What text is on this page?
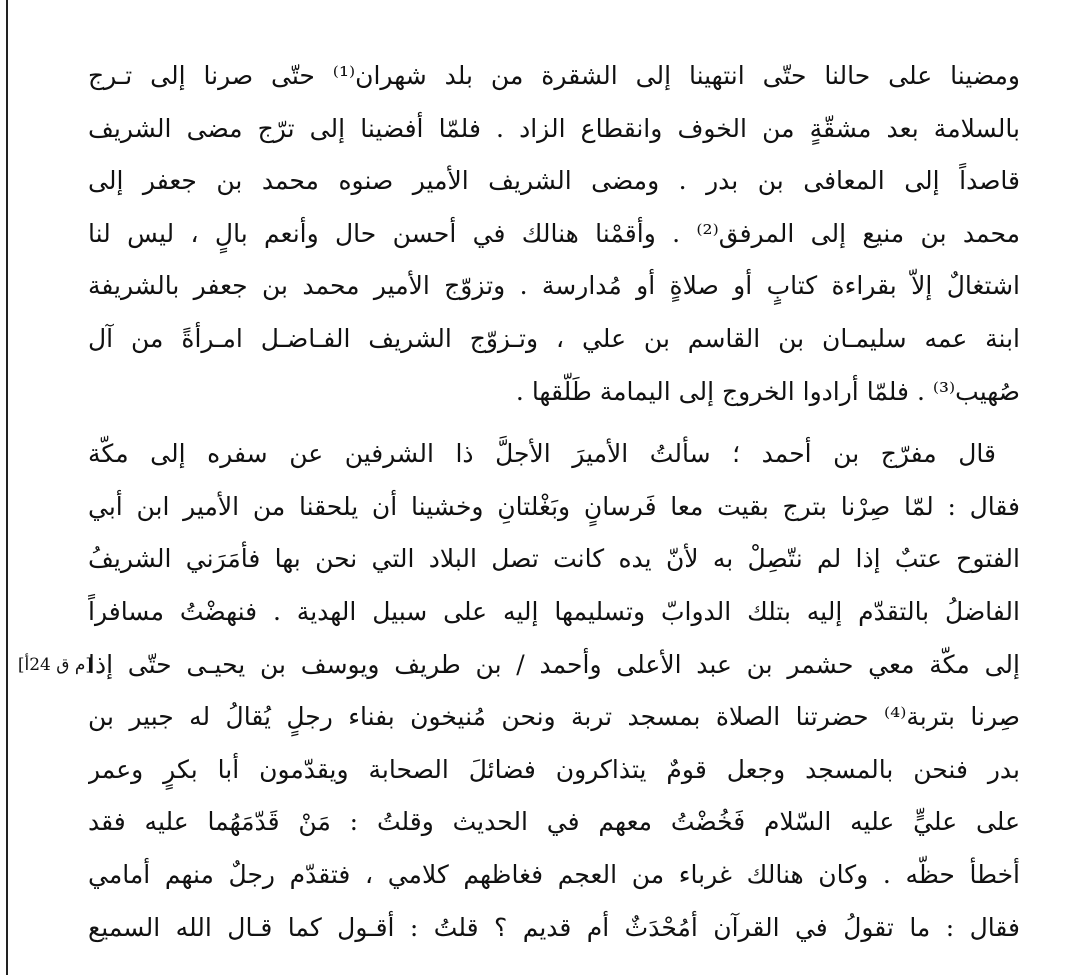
[م ق 24أ]
ومضينا على حالنا حتّى انتهينا إلى الشقرة من بلد شهران⁽¹⁾ حتّى صرنا إلى تـرج
بالسلامة بعد مشقّةٍ من الخوف وانقطاع الزاد . فلمّا أفضينا إلى ترّج مضى الشريف
قاصداً إلى المعافى بن بدر . ومضى الشريف الأمير صنوه محمد بن جعفر إلى
محمد بن منيع إلى المرفق⁽²⁾ . وأقمْنا هنالك في أحسن حال وأنعم بالٍ ، ليس لنا
اشتغالٌ إلاّ بقراءة كتابٍ أو صلاةٍ أو مُدارسة . وتزوّج الأمير محمد بن جعفر بالشريفة
ابنة عمه سليمـان بن القاسم بن علي ، وتـزوّج الشريف الفـاضـل امـرأةً من آل
صُهيب⁽³⁾ . فلمّا أرادوا الخروج إلى اليمامة طَلّقها .
قال مفرّج بن أحمد ؛ سألتُ الأميرَ الأجلَّ ذا الشرفين عن سفره إلى مكّة
فقال : لمّا صِرْنا بترج بقيت معا فَرسانٍ وبَغْلتانِ وخشينا أن يلحقنا من الأمير ابن أبي
الفتوح عتبٌ إذا لم نتّصِلْ به لأنّ يده كانت تصل البلاد التي نحن بها فأمَرَني الشريفُ
الفاضلُ بالتقدّم إليه بتلك الدوابّ وتسليمها إليه على سبيل الهدية . فنهضْتُ مسافراً
إلى مكّة معي حشمر بن عبد الأعلى وأحمد / بن طريف ويوسف بن يحيـى حتّى إذا
صِرنا بتربة⁽⁴⁾ حضرتنا الصلاة بمسجد تربة ونحن مُنيخون بفناء رجلٍ يُقالُ له جبير بن
بدر فنحن بالمسجد وجعل قومٌ يتذاكرون فضائلَ الصحابة ويقدّمون أبا بكرٍ وعمر
على عليٍّ عليه السّلام فَخُضْتُ معهم في الحديث وقلتُ : مَنْ قَدّمَهُما عليه فقد
أخطأ حظّه . وكان هنالك غرباء من العجم فغاظهم كلامي ، فتقدّم رجلٌ منهم أمامي
فقال : ما تقولُ في القرآن أمُحْدَثٌ أم قديم ؟ قلتُ : أقـول كما قـال الله السميع
